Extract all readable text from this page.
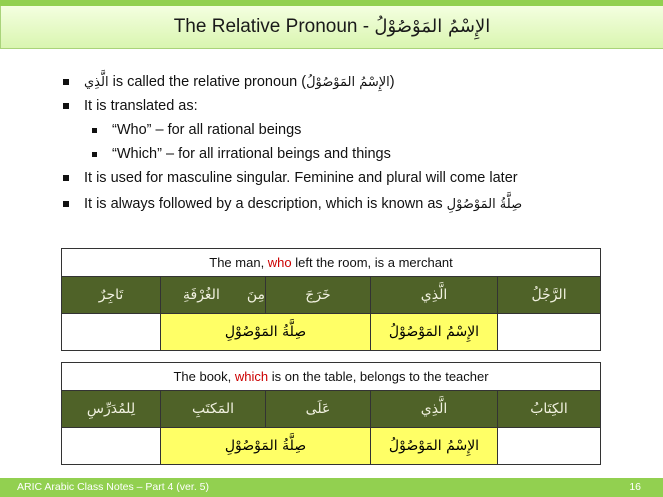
The Relative Pronoun - الإِسْمُ المَوْصُوْلُ
الَّذِي is called the relative pronoun (الإِسْمُ المَوْصُوْلُ)
It is translated as:
“Who” – for all rational beings
“Which” – for all irrational beings and things
It is used for masculine singular. Feminine and plural will come later
It is always followed by a description, which is known as صِلَّةُ المَوْصُوْلِ
The man, who left the room, is a merchant				
تَاجِرٌ	الغُرْفَةِ مِنَ	خَرَجَ	الَّذِي	الرَّجُلُ
	صِلَّةُ المَوْصُوْلِ		الإِسْمُ المَوْصُوْلُ	
The book, which is on the table, belongs to the teacher				
لِلمُدَرِّسِ	المَكتَبِ	عَلَى	الَّذِي	الكِتَابُ
	صِلَّةُ المَوْصُوْلِ		الإِسْمُ المَوْصُوْلُ	
ARIC Arabic Class Notes – Part 4 (ver. 5)	16
